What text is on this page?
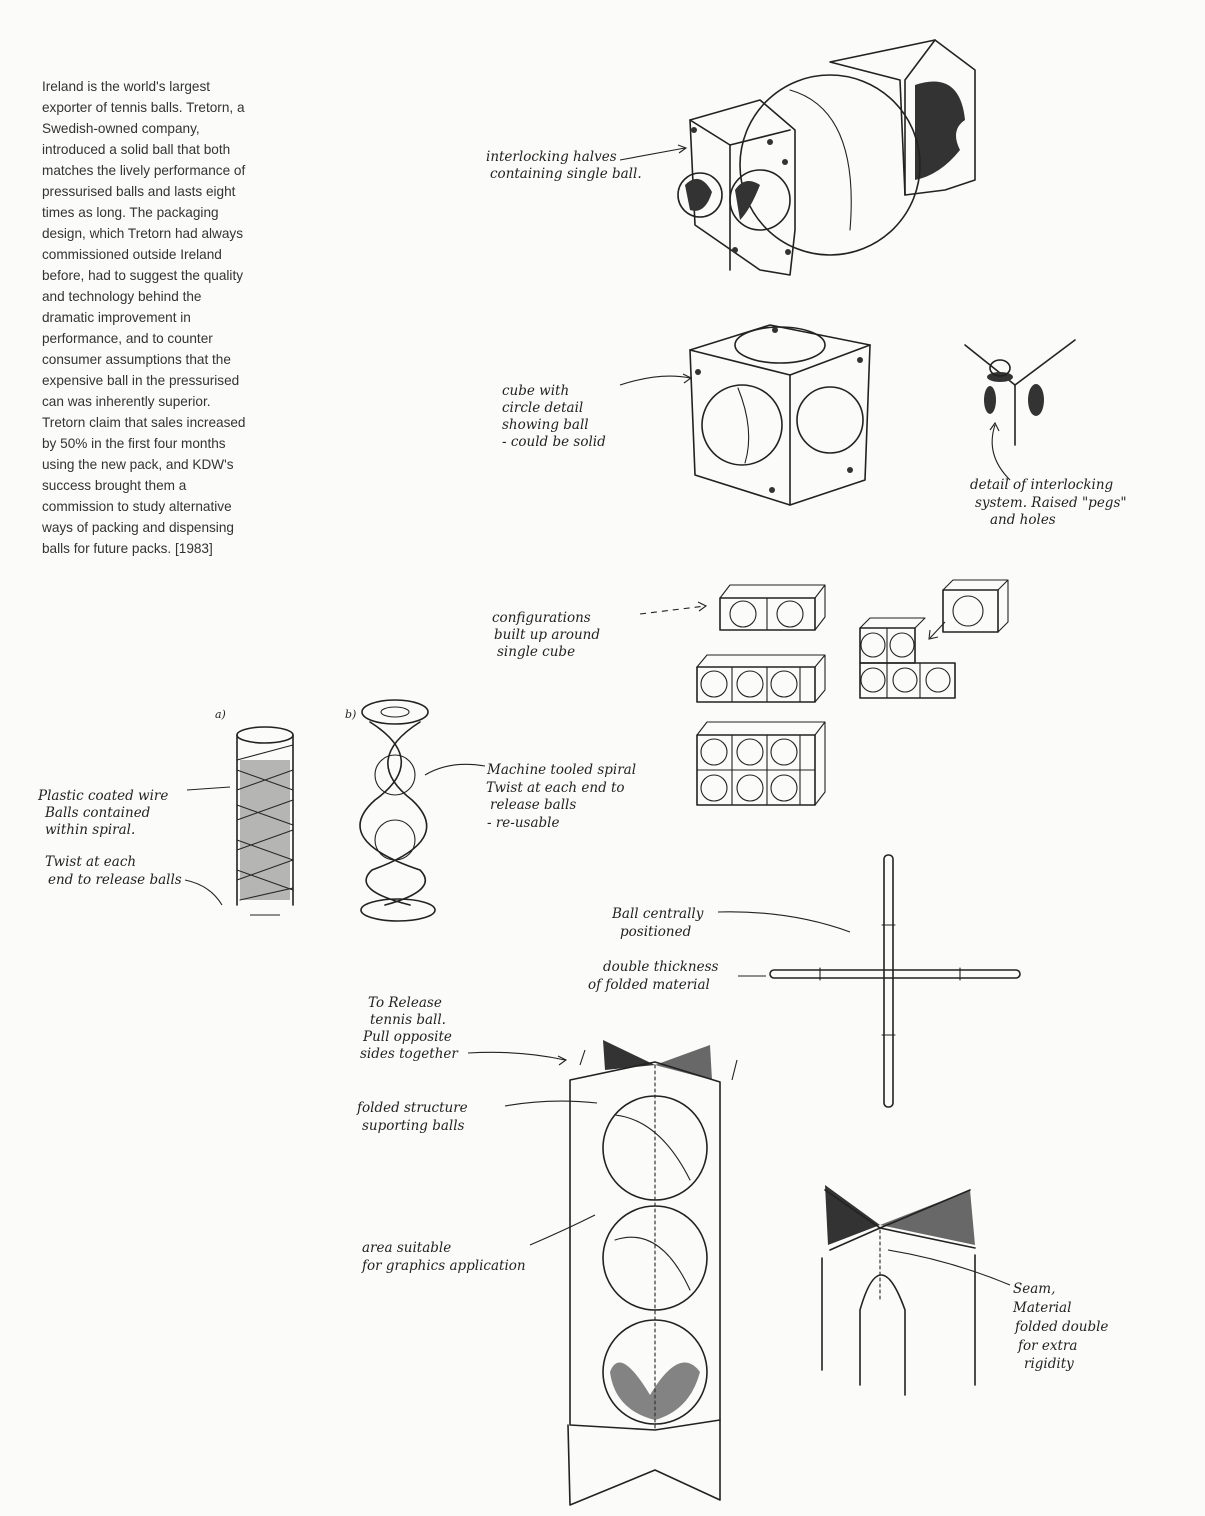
Ireland is the world's largest exporter of tennis balls. Tretorn, a Swedish-owned company, introduced a solid ball that both matches the lively performance of pressurised balls and lasts eight times as long. The packaging design, which Tretorn had always commissioned outside Ireland before, had to suggest the quality and technology behind the dramatic improvement in performance, and to counter consumer assumptions that the expensive ball in the pressurised can was inherently superior. Tretorn claim that sales increased by 50% in the first four months using the new pack, and KDW's success brought them a commission to study alternative ways of packing and dispensing balls for future packs. [1983]

interlocking halves
containing single ball.
cube with
circle detail
showing ball
- could be solid
detail of interlocking
system. Raised "pegs"
and holes
configurations
built up around
single cube
a)
Plastic coated wire
Balls contained
within spiral.
Twist at each
end to release balls
b)
Machine tooled spiral
Twist at each end to
release balls
- re-usable
Ball centrally
positioned
double thickness
of folded material
To Release
tennis ball.
Pull opposite
sides together
folded structure
suporting balls
area suitable
for graphics application
Seam,
Material
folded double
for extra
rigidity
